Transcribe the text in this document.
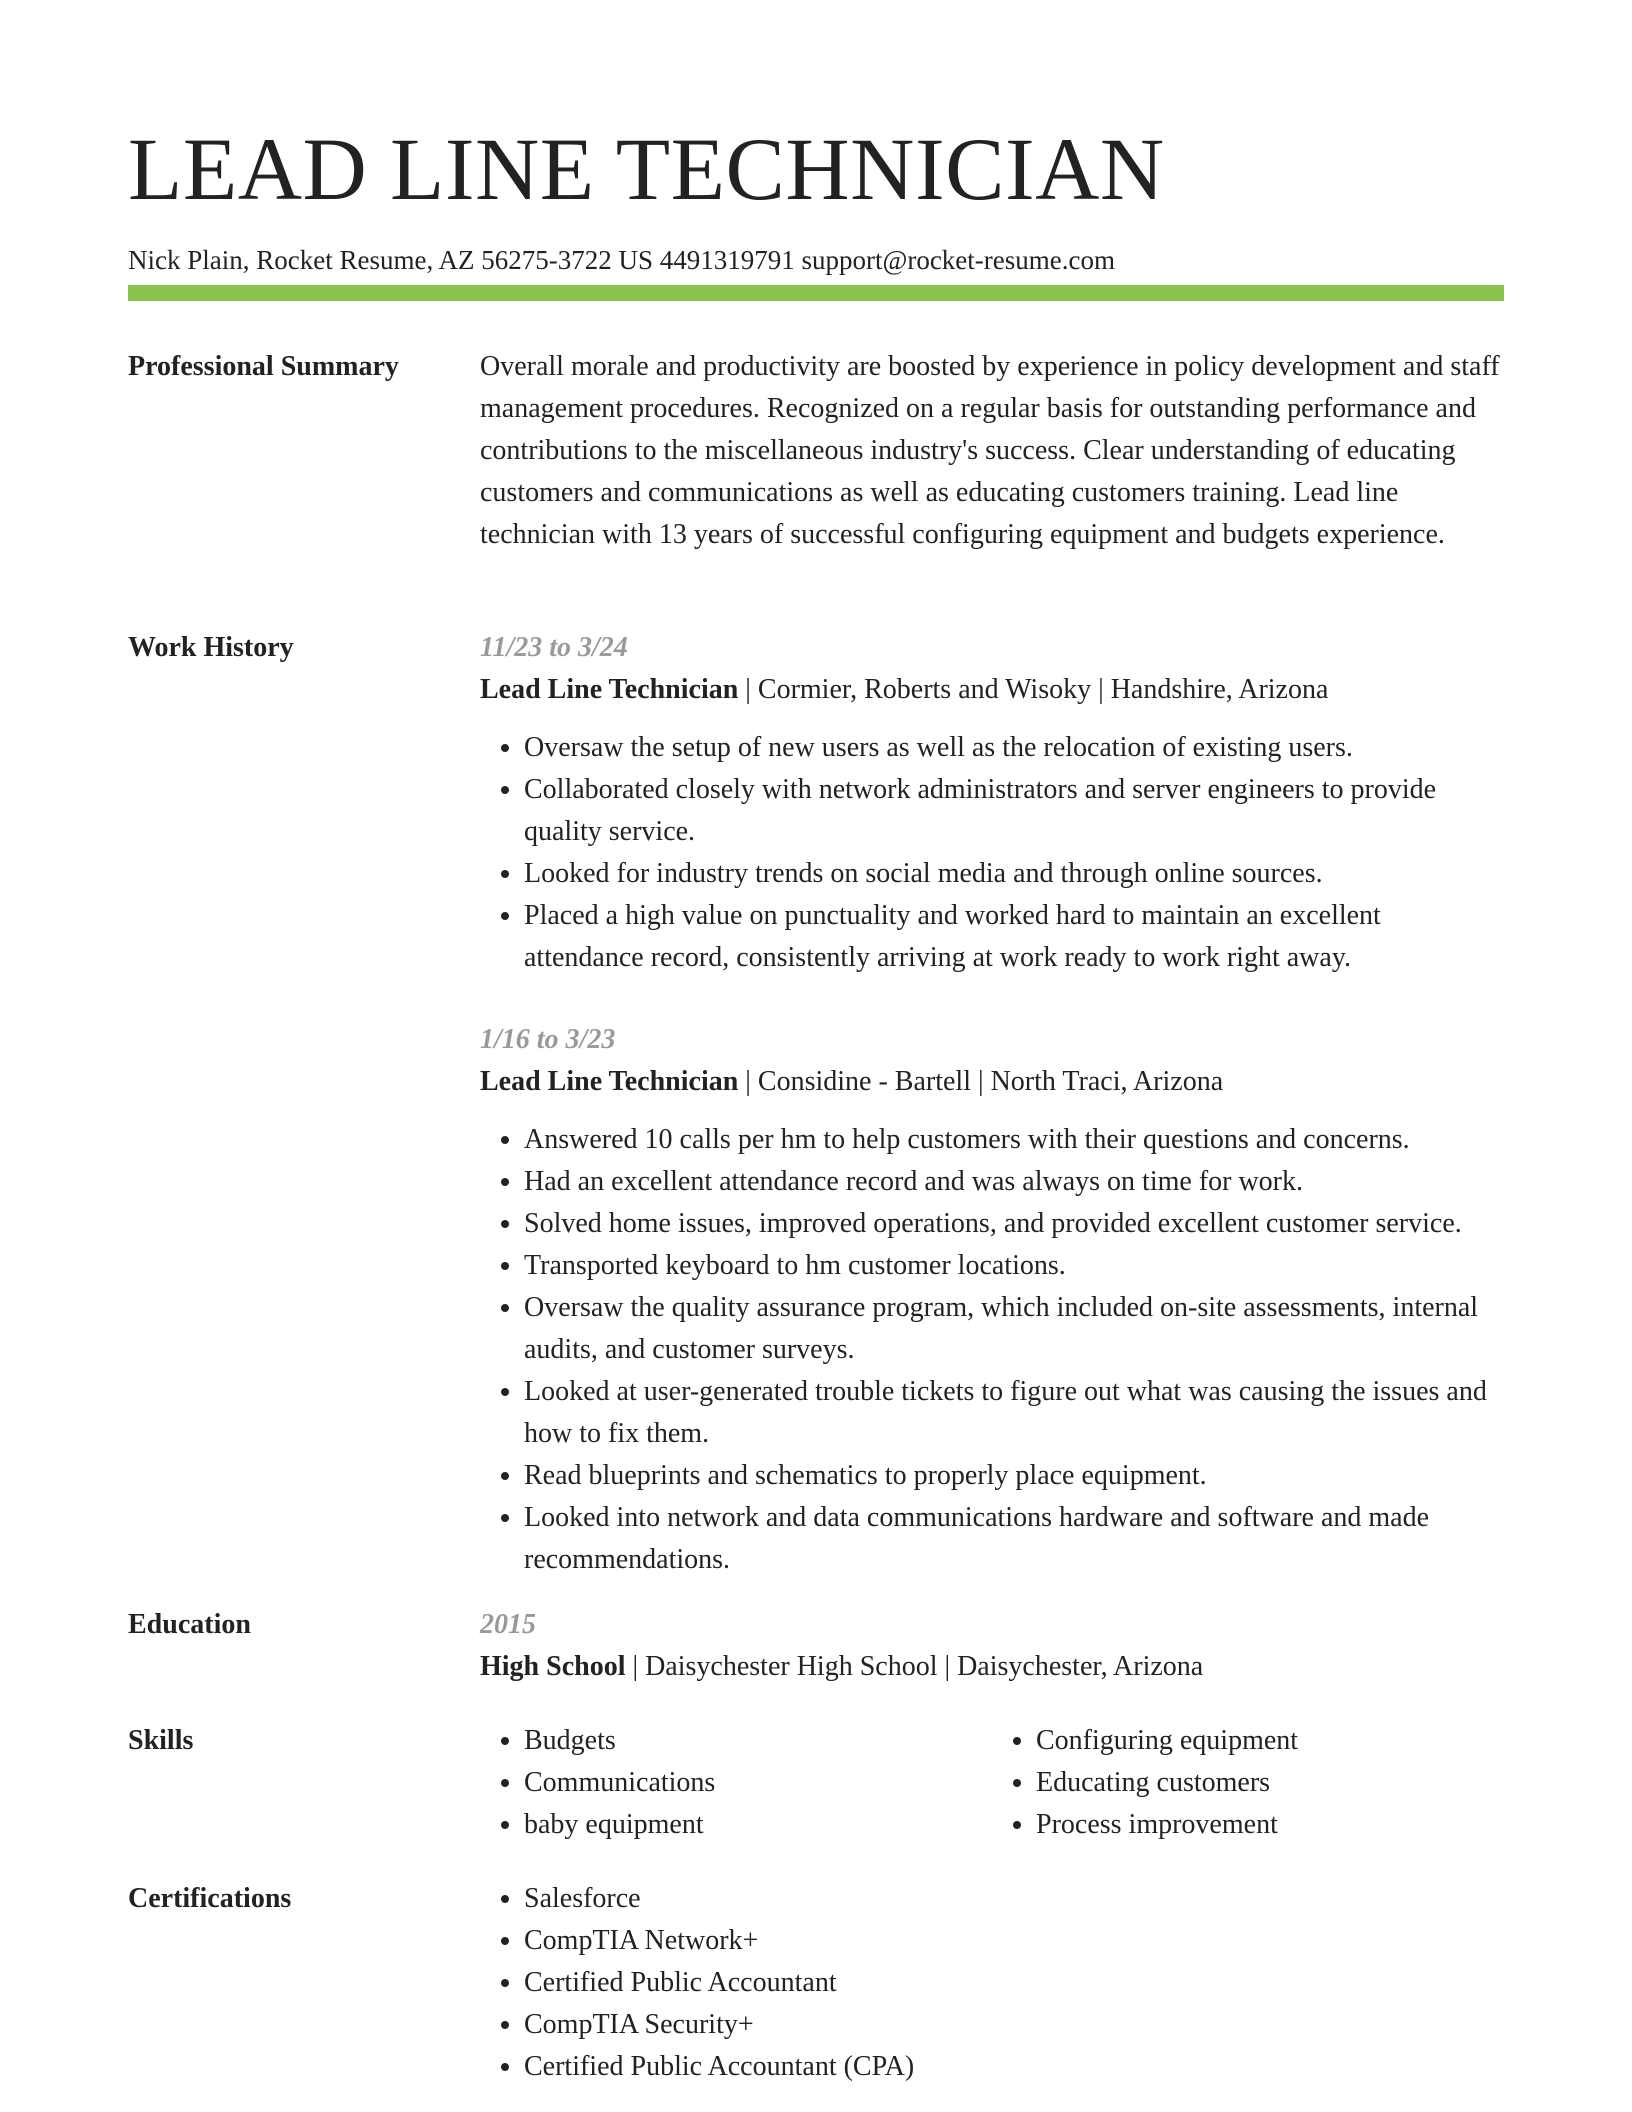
LEAD LINE TECHNICIAN
Nick Plain, Rocket Resume, AZ 56275-3722 US 4491319791 support@rocket-resume.com
Professional Summary	Overall morale and productivity are boosted by experience in policy development and staff management procedures. Recognized on a regular basis for outstanding performance and contributions to the miscellaneous industry's success. Clear understanding of educating customers and communications as well as educating customers training. Lead line technician with 13 years of successful configuring equipment and budgets experience.

Work History	11/23 to 3/24
Lead Line Technician | Cormier, Roberts and Wisoky | Handshire, Arizona
• Oversaw the setup of new users as well as the relocation of existing users.
• Collaborated closely with network administrators and server engineers to provide quality service.
• Looked for industry trends on social media and through online sources.
• Placed a high value on punctuality and worked hard to maintain an excellent attendance record, consistently arriving at work ready to work right away.
1/16 to 3/23
Lead Line Technician | Considine - Bartell | North Traci, Arizona
• Answered 10 calls per hm to help customers with their questions and concerns.
• Had an excellent attendance record and was always on time for work.
• Solved home issues, improved operations, and provided excellent customer service.
• Transported keyboard to hm customer locations.
• Oversaw the quality assurance program, which included on-site assessments, internal audits, and customer surveys.
• Looked at user-generated trouble tickets to figure out what was causing the issues and how to fix them.
• Read blueprints and schematics to properly place equipment.
• Looked into network and data communications hardware and software and made recommendations.
Education	2015
High School | Daisychester High School | Daisychester, Arizona
Skills	• Budgets
• Communications
• baby equipment
• Configuring equipment
• Educating customers
• Process improvement
Certifications	• Salesforce
• CompTIA Network+
• Certified Public Accountant
• CompTIA Security+
• Certified Public Accountant (CPA)
